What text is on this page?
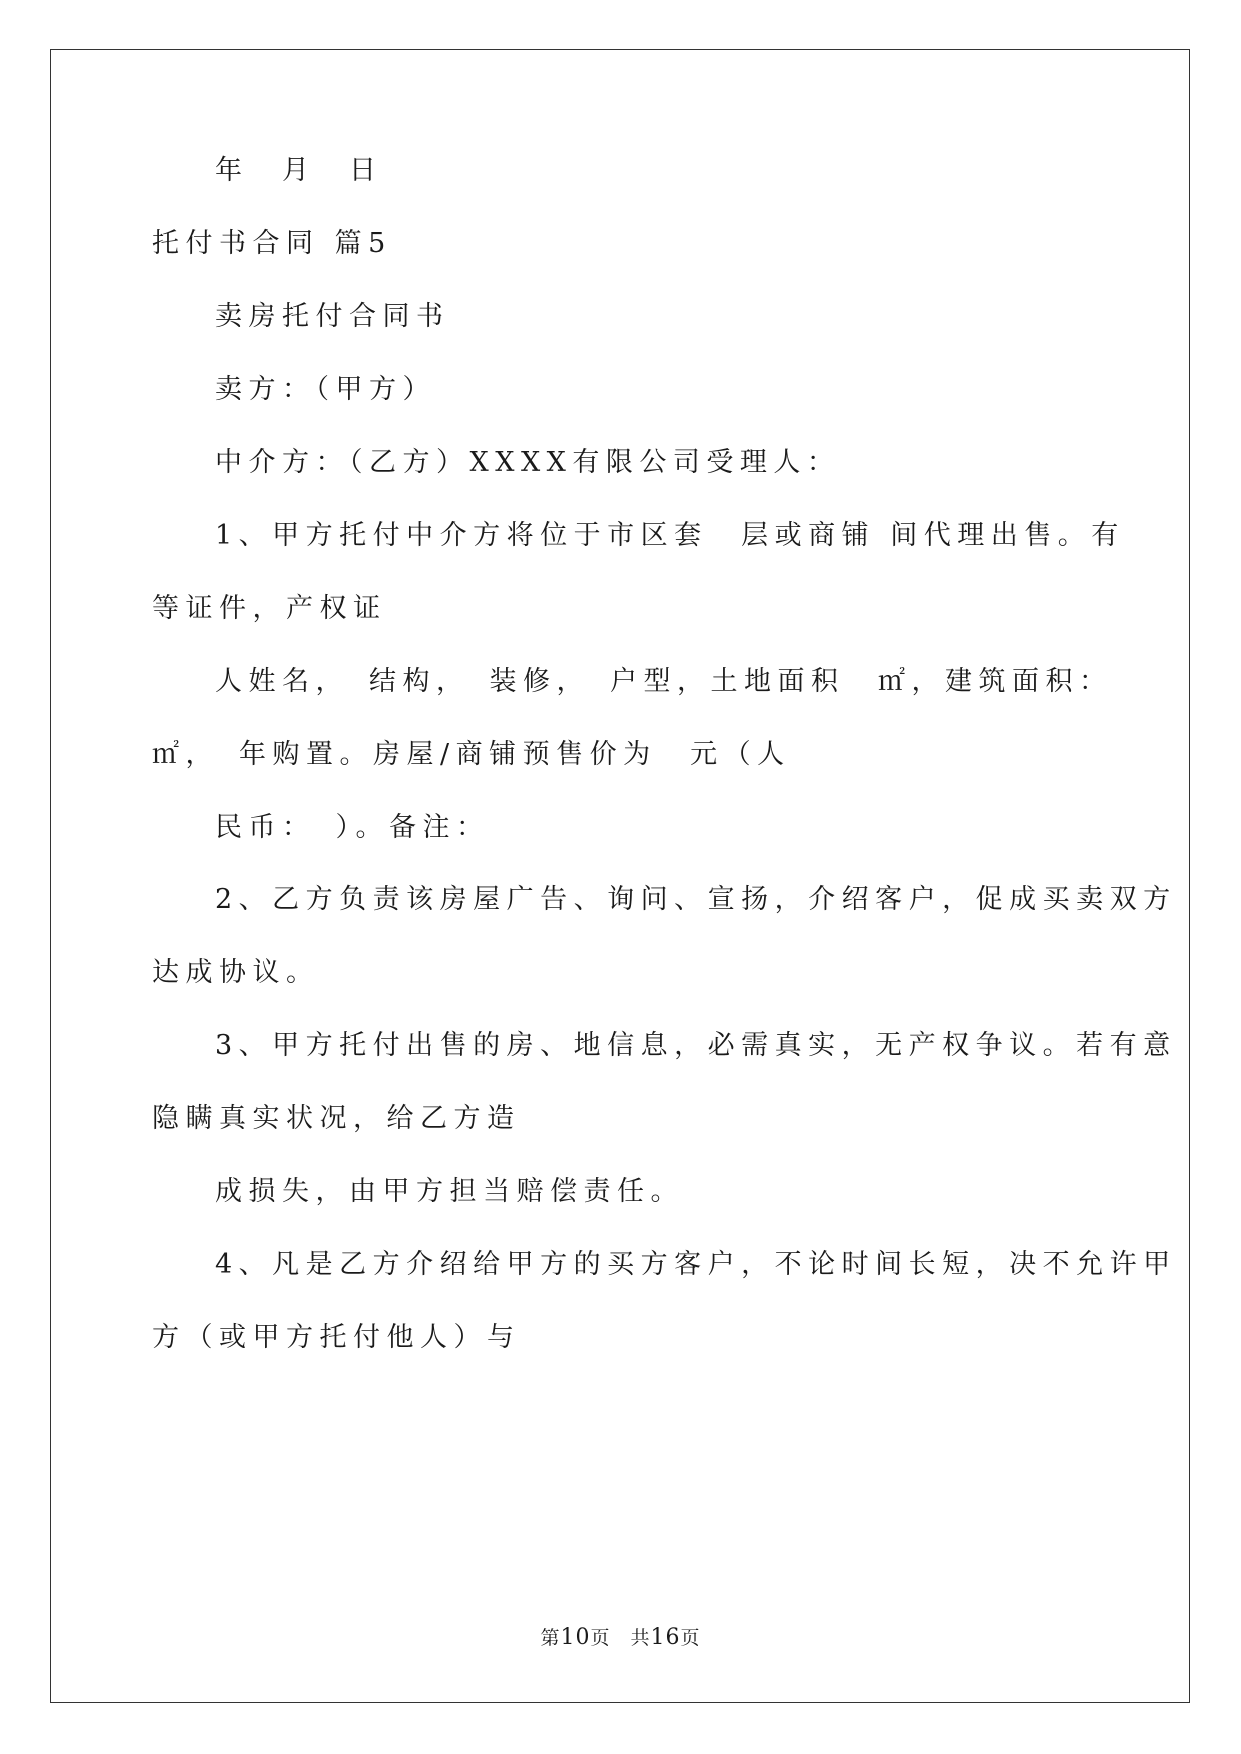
年　月　日
托付书合同 篇5
卖房托付合同书
卖方：（甲方）
中介方：（乙方）XXXX有限公司受理人：
1、甲方托付中介方将位于市区套　层或商铺 间代理出售。有
等证件，产权证
人姓名，　结构，　装修，　户型，土地面积　㎡，建筑面积：
㎡，　年购置。房屋/商铺预售价为　元（人
民币：　）。备注：
2、乙方负责该房屋广告、询问、宣扬，介绍客户，促成买卖双方
达成协议。
3、甲方托付出售的房、地信息，必需真实，无产权争议。若有意
隐瞒真实状况，给乙方造
成损失，由甲方担当赔偿责任。
4、凡是乙方介绍给甲方的买方客户，不论时间长短，决不允许甲
方（或甲方托付他人）与
第10页　共16页
